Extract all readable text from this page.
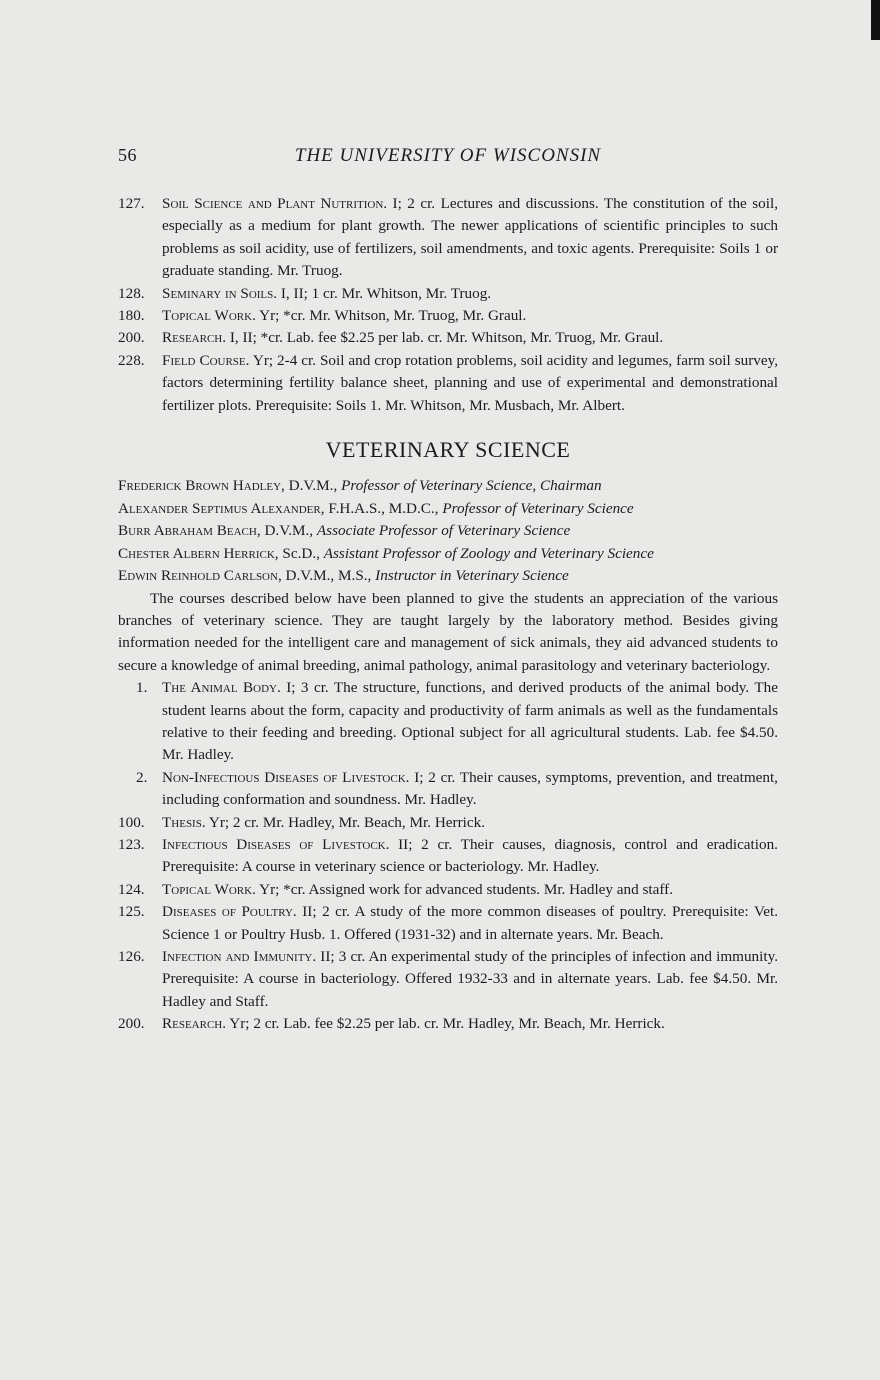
56	THE UNIVERSITY OF WISCONSIN
127.	Soil Science and Plant Nutrition. I; 2 cr. Lectures and discussions. The constitution of the soil, especially as a medium for plant growth. The newer applications of scientific principles to such problems as soil acidity, use of fertilizers, soil amendments, and toxic agents. Prerequisite: Soils 1 or graduate standing. Mr. Truog.
128.	Seminary in Soils. I, II; 1 cr. Mr. Whitson, Mr. Truog.
180.	Topical Work. Yr; *cr. Mr. Whitson, Mr. Truog, Mr. Graul.
200.	Research. I, II; *cr. Lab. fee $2.25 per lab. cr. Mr. Whitson, Mr. Truog, Mr. Graul.
228.	Field Course. Yr; 2-4 cr. Soil and crop rotation problems, soil acidity and legumes, farm soil survey, factors determining fertility balance sheet, planning and use of experimental and demonstrational fertilizer plots. Prerequisite: Soils 1. Mr. Whitson, Mr. Musbach, Mr. Albert.
VETERINARY SCIENCE
Frederick Brown Hadley, D.V.M., Professor of Veterinary Science, Chairman
Alexander Septimus Alexander, F.H.A.S., M.D.C., Professor of Veterinary Science
Burr Abraham Beach, D.V.M., Associate Professor of Veterinary Science
Chester Albern Herrick, Sc.D., Assistant Professor of Zoology and Veterinary Science
Edwin Reinhold Carlson, D.V.M., M.S., Instructor in Veterinary Science
The courses described below have been planned to give the students an appreciation of the various branches of veterinary science. They are taught largely by the laboratory method. Besides giving information needed for the intelligent care and management of sick animals, they aid advanced students to secure a knowledge of animal breeding, animal pathology, animal parasitology and veterinary bacteriology.
1. The Animal Body. I; 3 cr. The structure, functions, and derived products of the animal body. The student learns about the form, capacity and productivity of farm animals as well as the fundamentals relative to their feeding and breeding. Optional subject for all agricultural students. Lab. fee $4.50. Mr. Hadley.
2. Non-Infectious Diseases of Livestock. I; 2 cr. Their causes, symptoms, prevention, and treatment, including conformation and soundness. Mr. Hadley.
100.	Thesis. Yr; 2 cr. Mr. Hadley, Mr. Beach, Mr. Herrick.
123.	Infectious Diseases of Livestock. II; 2 cr. Their causes, diagnosis, control and eradication. Prerequisite: A course in veterinary science or bacteriology. Mr. Hadley.
124.	Topical Work. Yr; *cr. Assigned work for advanced students. Mr. Hadley and staff.
125.	Diseases of Poultry. II; 2 cr. A study of the more common diseases of poultry. Prerequisite: Vet. Science 1 or Poultry Husb. 1. Offered (1931-32) and in alternate years. Mr. Beach.
126.	Infection and Immunity. II; 3 cr. An experimental study of the principles of infection and immunity. Prerequisite: A course in bacteriology. Offered 1932-33 and in alternate years. Lab. fee $4.50. Mr. Hadley and Staff.
200.	Research. Yr; 2 cr. Lab. fee $2.25 per lab. cr. Mr. Hadley, Mr. Beach, Mr. Herrick.
